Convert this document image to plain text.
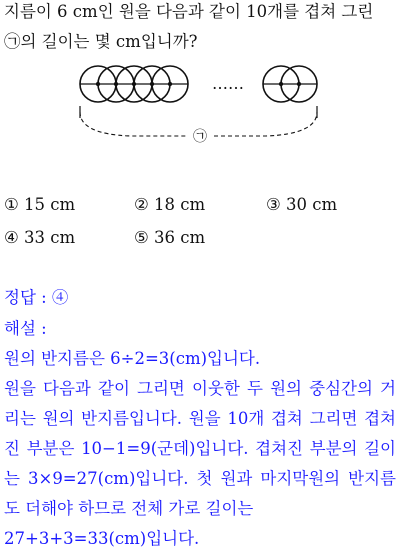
지름이 6 cm인 원을 다음과 같이 10개를 겹쳐 그린
㉠의 길이는 몇 cm입니까?
……
㉠
① 15 cm	② 18 cm	③ 30 cm
④ 33 cm	⑤ 36 cm
정답 : ④
해설 :
원의 반지름은 6÷2=3(cm)입니다.
원을 다음과 같이 그리면 이웃한 두 원의 중심간의 거
리는 원의 반지름입니다. 원을 10개 겹쳐 그리면 겹쳐
진 부분은 10−1=9(군데)입니다. 겹쳐진 부분의 길이
는 3×9=27(cm)입니다. 첫 원과 마지막원의 반지름
도 더해야 하므로 전체 가로 길이는
27+3+3=33(cm)입니다.
